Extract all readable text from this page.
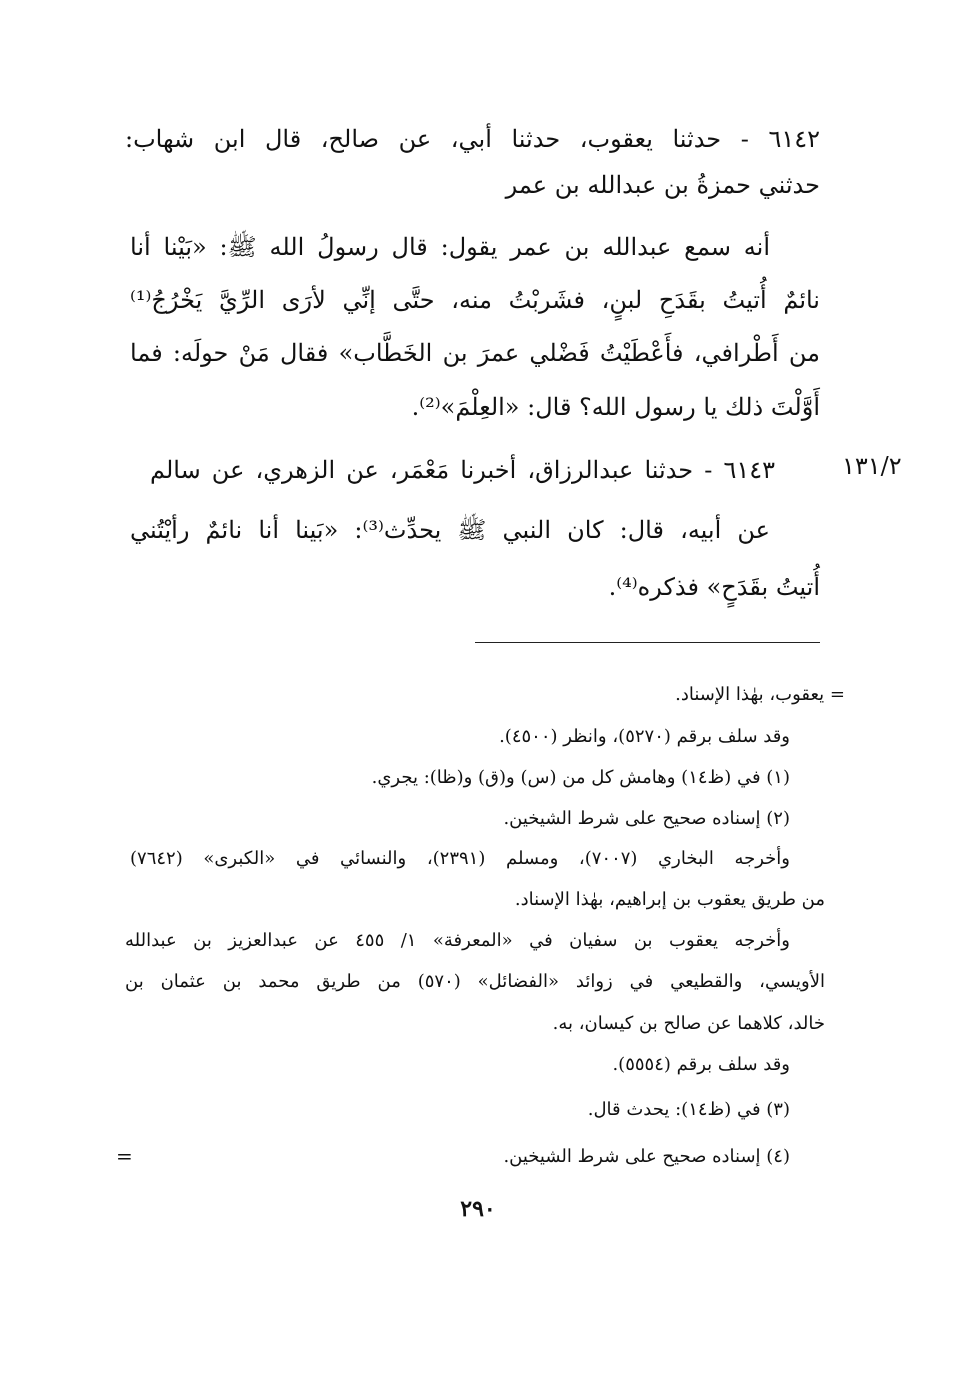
٦١٤٢ - حدثنا يعقوب، حدثنا أبي، عن صالح، قال ابن شهاب:
حدثني حمزةُ بن عبدالله بن عمر
أنه سمع عبدالله بن عمر يقول: قال رسولُ الله ﷺ: «بَيْنا أنا
نائمٌ أُتيتُ بقَدَحِ لبنٍ، فشَربْتُ منه، حتَّى إنِّي لأرَى الرِّيَّ يَخْرُجُ⁽¹⁾
من أَطْرافي، فأَعْطَيْتُ فَضْلي عمرَ بن الخَطَّاب» فقال مَنْ حولَه: فما
أَوَّلْتَ ذلك يا رسول الله؟ قال: «العِلْمَ»⁽²⁾.
١٣١/٢
٦١٤٣ - حدثنا عبدالرزاق، أخبرنا مَعْمَر، عن الزهري، عن سالم
عن أبيه، قال: كان النبي ﷺ يحدِّث⁽³⁾: «بَينا أنا نائمٌ رأيْتُني
أُتيتُ بقَدَحٍ» فذكره⁽⁴⁾.
= يعقوب، بهٰذا الإسناد.
وقد سلف برقم (٥٢٧٠)، وانظر (٤٥٠٠).
(١) في (ظ١٤) وهامش كل من (س) و(ق) و(ظا): يجري.
(٢) إسناده صحيح على شرط الشيخين.
وأخرجه البخاري (٧٠٠٧)، ومسلم (٢٣٩١)، والنسائي في «الكبرى» (٧٦٤٢)
من طريق يعقوب بن إبراهيم، بهٰذا الإسناد.
وأخرجه يعقوب بن سفيان في «المعرفة» ١/ ٤٥٥ عن عبدالعزيز بن عبدالله
الأويسي، والقطيعي في زوائد «الفضائل» (٥٧٠) من طريق محمد بن عثمان بن
خالد، كلاهما عن صالح بن كيسان، به.
وقد سلف برقم (٥٥٥٤).
(٣) في (ظ١٤): يحدث قال.
(٤) إسناده صحيح على شرط الشيخين.
=
٢٩٠
